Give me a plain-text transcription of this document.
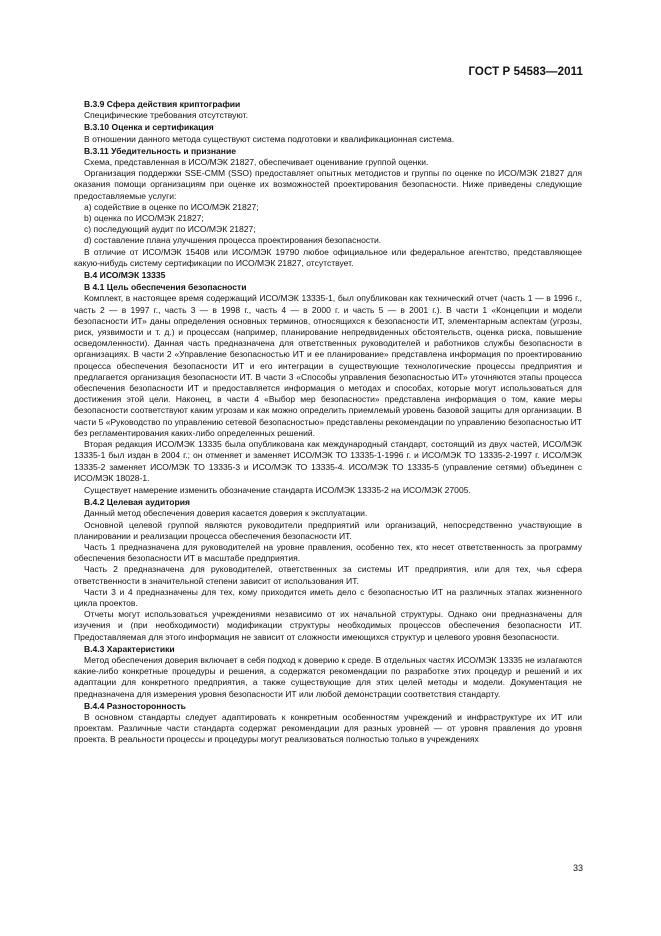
ГОСТ Р 54583—2011
В.3.9 Сфера действия криптографии
Специфические требования отсутствуют.
В.3.10 Оценка и сертификация
В отношении данного метода существуют система подготовки и квалификационная система.
В.3.11 Убедительность и признание
Схема, представленная в ИСО/МЭК 21827, обеспечивает оценивание группой оценки.
Организация поддержки SSE-CMM (SSO) предоставляет опытных методистов и группы по оценке по ИСО/МЭК 21827 для оказания помощи организациям при оценке их возможностей проектирования безопасности. Ниже приведены следующие предоставляемые услуги:
a) содействие в оценке по ИСО/МЭК 21827;
b) оценка по ИСО/МЭК 21827;
c) последующий аудит по ИСО/МЭК 21827;
d) составление плана улучшения процесса проектирования безопасности.
В отличие от ИСО/МЭК 15408 или ИСО/МЭК 19790 любое официальное или федеральное агентство, представляющее какую-нибудь систему сертификации по ИСО/МЭК 21827, отсутствует.
В.4 ИСО/МЭК 13335
В 4.1 Цель обеспечения безопасности
Комплект, в настоящее время содержащий ИСО/МЭК 13335-1, был опубликован как технический отчет (часть 1 — в 1996 г., часть 2 — в 1997 г., часть 3 — в 1998 г., часть 4 — в 2000 г. и часть 5 — в 2001 г.). В части 1 «Концепции и модели безопасности ИТ» даны определения основных терминов, относящихся к безопасности ИТ, элементарным аспектам (угрозы, риск, уязвимости и т. д.) и процессам (например, планирование непредвиденных обстоятельств, оценка риска, повышение осведомленности). Данная часть предназначена для ответственных руководителей и работников службы безопасности в организациях. В части 2 «Управление безопасностью ИТ и ее планирование» представлена информация по проектированию процесса обеспечения безопасности ИТ и его интеграции в существующие технологические процессы предприятия и предлагается организация безопасности ИТ. В части 3 «Способы управления безопасностью ИТ» уточняются этапы процесса обеспечения безопасности ИТ и предоставляется информация о методах и способах, которые могут использоваться для достижения этой цели. Наконец, в части 4 «Выбор мер безопасности» представлена информация о том, какие меры безопасности соответствуют каким угрозам и как можно определить приемлемый уровень базовой защиты для организации. В части 5 «Руководство по управлению сетевой безопасностью» представлены рекомендации по управлению безопасностью ИТ без регламентирования каких-либо определенных решений.
Вторая редакция ИСО/МЭК 13335 была опубликована как международный стандарт, состоящий из двух частей, ИСО/МЭК 13335-1 был издан в 2004 г.; он отменяет и заменяет ИСО/МЭК ТО 13335-1-1996 г. и ИСО/МЭК ТО 13335-2-1997 г. ИСО/МЭК 13335-2 заменяет ИСО/МЭК ТО 13335-3 и ИСО/МЭК ТО 13335-4. ИСО/МЭК ТО 13335-5 (управление сетями) объединен с ИСО/МЭК 18028-1.
Существует намерение изменить обозначение стандарта ИСО/МЭК 13335-2 на ИСО/МЭК 27005.
В.4.2 Целевая аудитория
Данный метод обеспечения доверия касается доверия к эксплуатации.
Основной целевой группой являются руководители предприятий или организаций, непосредственно участвующие в планировании и реализации процесса обеспечения безопасности ИТ.
Часть 1 предназначена для руководителей на уровне правления, особенно тех, кто несет ответственность за программу обеспечения безопасности ИТ в масштабе предприятия.
Часть 2 предназначена для руководителей, ответственных за системы ИТ предприятия, или для тех, чья сфера ответственности в значительной степени зависит от использования ИТ.
Части 3 и 4 предназначены для тех, кому приходится иметь дело с безопасностью ИТ на различных этапах жизненного цикла проектов.
Отчеты могут использоваться учреждениями независимо от их начальной структуры. Однако они предназначены для изучения и (при необходимости) модификации структуры необходимых процессов обеспечения безопасности ИТ. Предоставляемая для этого информация не зависит от сложности имеющихся структур и целевого уровня безопасности.
В.4.3 Характеристики
Метод обеспечения доверия включает в себя подход к доверию к среде. В отдельных частях ИСО/МЭК 13335 не излагаются какие-либо конкретные процедуры и решения, а содержатся рекомендации по разработке этих процедур и решений и их адаптации для конкретного предприятия, а также существующие для этих целей методы и модели. Документация не предназначена для измерения уровня безопасности ИТ или любой демонстрации соответствия стандарту.
В.4.4 Разносторонность
В основном стандарты следует адаптировать к конкретным особенностям учреждений и инфраструктуре их ИТ или проектам. Различные части стандарта содержат рекомендации для разных уровней — от уровня правления до уровня проекта. В реальности процессы и процедуры могут реализоваться полностью только в учреждениях
33
